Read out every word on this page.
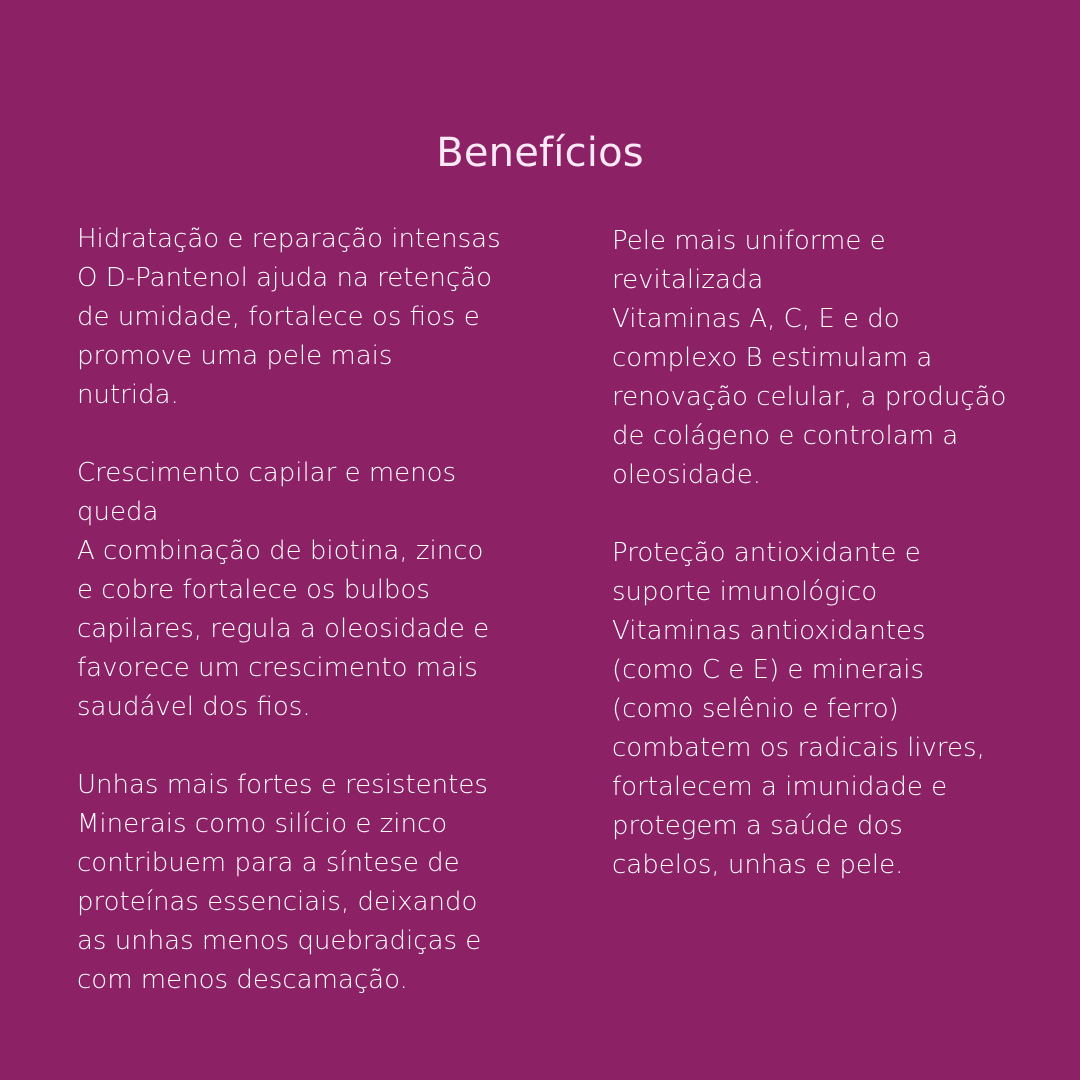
Benefícios
Hidratação e reparação intensas
O D-Pantenol ajuda na retenção de umidade, fortalece os fios e promove uma pele mais nutrida.
Crescimento capilar e menos queda
A combinação de biotina, zinco e cobre fortalece os bulbos capilares, regula a oleosidade e favorece um crescimento mais saudável dos fios.
Unhas mais fortes e resistentes
Minerais como silício e zinco contribuem para a síntese de proteínas essenciais, deixando as unhas menos quebradiças e com menos descamação.
Pele mais uniforme e revitalizada
Vitaminas A, C, E e do complexo B estimulam a renovação celular, a produção de colágeno e controlam a oleosidade.
Proteção antioxidante e suporte imunológico
Vitaminas antioxidantes (como C e E) e minerais (como selênio e ferro) combatem os radicais livres, fortalecem a imunidade e protegem a saúde dos cabelos, unhas e pele.
